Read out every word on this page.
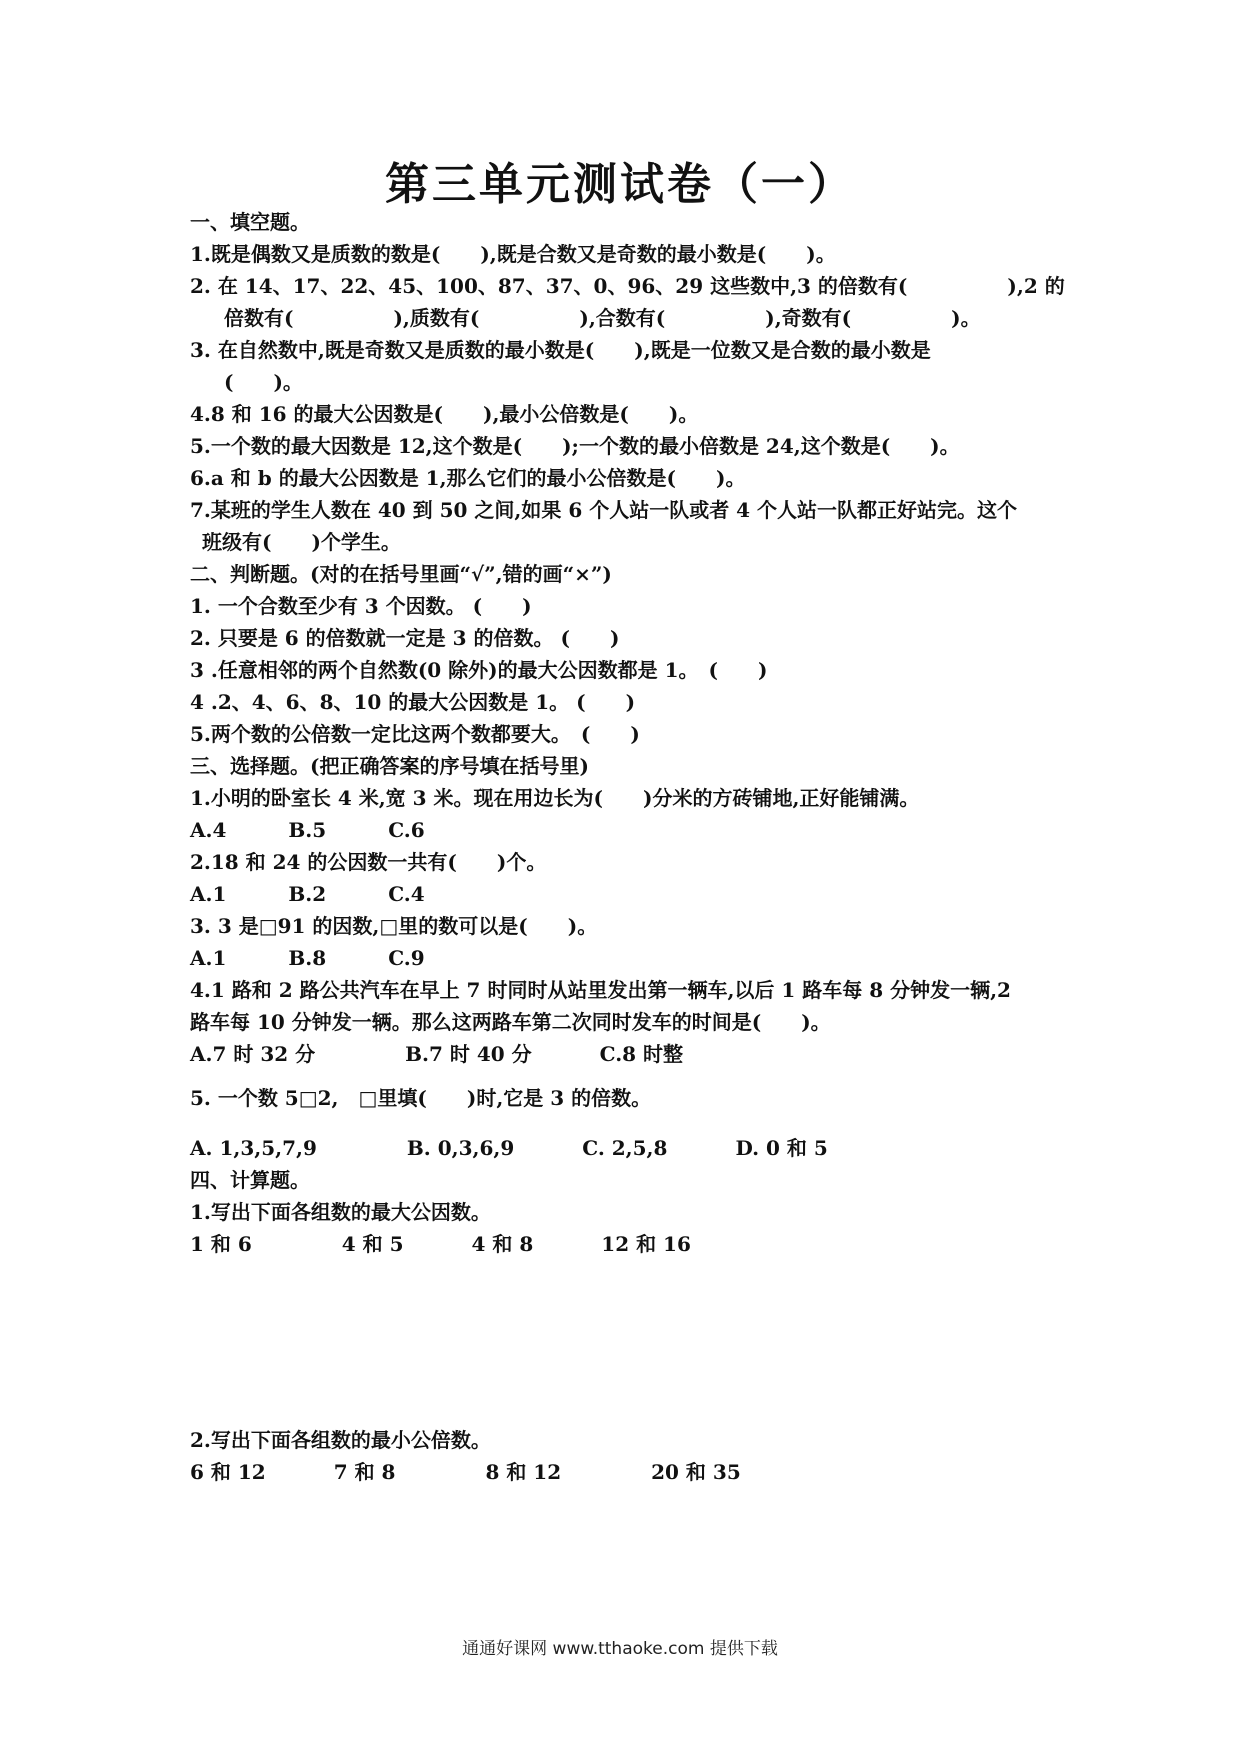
第三单元测试卷（一）
一、填空题。
1.既是偶数又是质数的数是(　　),既是合数又是奇数的最小数是(　　)。
2. 在 14、17、22、45、100、87、37、0、96、29 这些数中,3 的倍数有(　　　　　),2 的
倍数有(　　　　　),质数有(　　　　　),合数有(　　　　　),奇数有(　　　　　)。
3. 在自然数中,既是奇数又是质数的最小数是(　　),既是一位数又是合数的最小数是
(　　)。
4.8 和 16 的最大公因数是(　　),最小公倍数是(　　)。
5.一个数的最大因数是 12,这个数是(　　);一个数的最小倍数是 24,这个数是(　　)。
6.a 和 b 的最大公因数是 1,那么它们的最小公倍数是(　　)。
7.某班的学生人数在 40 到 50 之间,如果 6 个人站一队或者 4 个人站一队都正好站完。这个
班级有(　　)个学生。
二、判断题。(对的在括号里画“√”,错的画“×”)
1. 一个合数至少有 3 个因数。 (　　)
2. 只要是 6 的倍数就一定是 3 的倍数。 (　　)
3 .任意相邻的两个自然数(0 除外)的最大公因数都是 1。　(　　)
4 .2、4、6、8、10 的最大公因数是 1。 (　　)
5.两个数的公倍数一定比这两个数都要大。　(　　)
三、选择题。(把正确答案的序号填在括号里)
1.小明的卧室长 4 米,宽 3 米。现在用边长为(　　)分米的方砖铺地,正好能铺满。
A.4	B.5	C.6
2.18 和 24 的公因数一共有(　　)个。
A.1	B.2	C.4
3. 3 是□91 的因数,□里的数可以是(　　)。
A.1	B.8	C.9
4.1 路和 2 路公共汽车在早上 7 时同时从站里发出第一辆车,以后 1 路车每 8 分钟发一辆,2
路车每 10 分钟发一辆。那么这两路车第二次同时发车的时间是(　　)。
A.7 时 32 分	B.7 时 40 分	C.8 时整
5. 一个数 5□2,　□里填(　　)时,它是 3 的倍数。
A. 1,3,5,7,9	B. 0,3,6,9	C. 2,5,8	D. 0 和 5
四、计算题。
1.写出下面各组数的最大公因数。
1 和 6	4 和 5	4 和 8	12 和 16
2.写出下面各组数的最小公倍数。
6 和 12	7 和 8	8 和 12	20 和 35
通通好课网 www.tthaoke.com 提供下载
